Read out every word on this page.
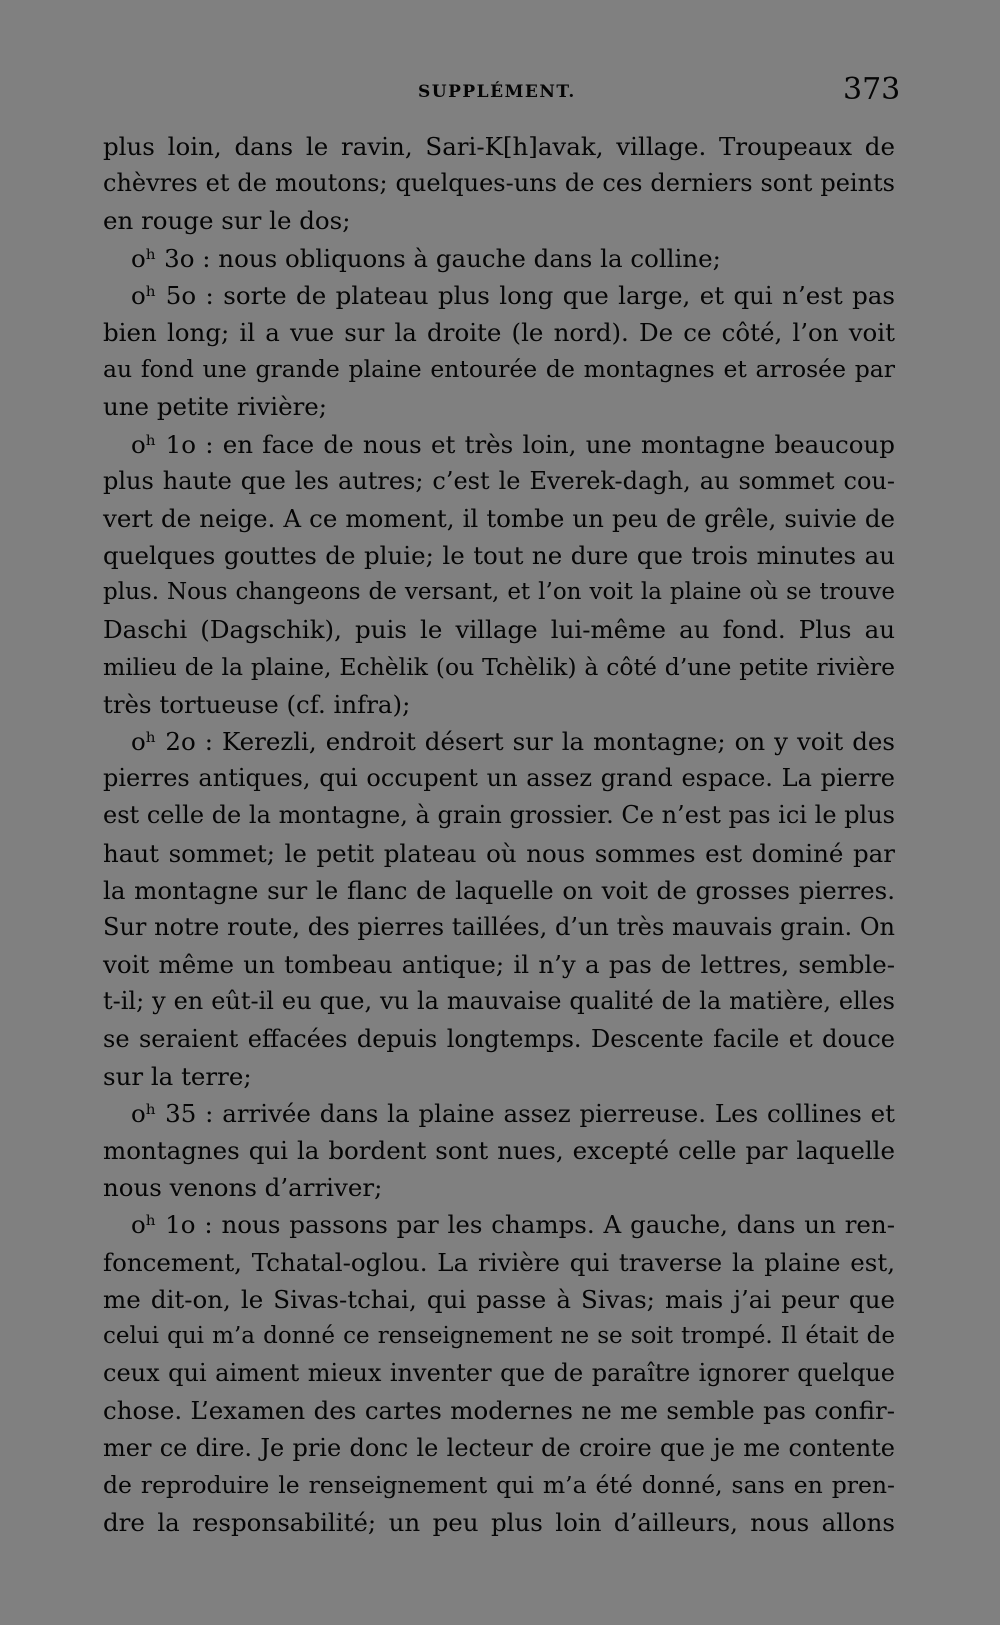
SUPPLÉMENT.	373
plus loin, dans le ravin, Sari-K[h]avak, village. Troupeaux de
chèvres et de moutons; quelques-uns de ces derniers sont peints
en rouge sur le dos;
oʰ 3o : nous obliquons à gauche dans la colline;
oʰ 5o : sorte de plateau plus long que large, et qui n’est pas
bien long; il a vue sur la droite (le nord). De ce côté, l’on voit
au fond une grande plaine entourée de montagnes et arrosée par
une petite rivière;
oʰ 1o : en face de nous et très loin, une montagne beaucoup
plus haute que les autres; c’est le Everek-dagh, au sommet cou-
vert de neige. A ce moment, il tombe un peu de grêle, suivie de
quelques gouttes de pluie; le tout ne dure que trois minutes au
plus. Nous changeons de versant, et l’on voit la plaine où se trouve
Daschi (Dagschik), puis le village lui-même au fond. Plus au
milieu de la plaine, Echèlik (ou Tchèlik) à côté d’une petite rivière
très tortueuse (cf. infra);
oʰ 2o : Kerezli, endroit désert sur la montagne; on y voit des
pierres antiques, qui occupent un assez grand espace. La pierre
est celle de la montagne, à grain grossier. Ce n’est pas ici le plus
haut sommet; le petit plateau où nous sommes est dominé par
la montagne sur le flanc de laquelle on voit de grosses pierres.
Sur notre route, des pierres taillées, d’un très mauvais grain. On
voit même un tombeau antique; il n’y a pas de lettres, semble-
t-il; y en eût-il eu que, vu la mauvaise qualité de la matière, elles
se seraient effacées depuis longtemps. Descente facile et douce
sur la terre;
oʰ 35 : arrivée dans la plaine assez pierreuse. Les collines et
montagnes qui la bordent sont nues, excepté celle par laquelle
nous venons d’arriver;
oʰ 1o : nous passons par les champs. A gauche, dans un ren-
foncement, Tchatal-oglou. La rivière qui traverse la plaine est,
me dit-on, le Sivas-tchai, qui passe à Sivas; mais j’ai peur que
celui qui m’a donné ce renseignement ne se soit trompé. Il était de
ceux qui aiment mieux inventer que de paraître ignorer quelque
chose. L’examen des cartes modernes ne me semble pas confir-
mer ce dire. Je prie donc le lecteur de croire que je me contente
de reproduire le renseignement qui m’a été donné, sans en pren-
dre la responsabilité; un peu plus loin d’ailleurs, nous allons
